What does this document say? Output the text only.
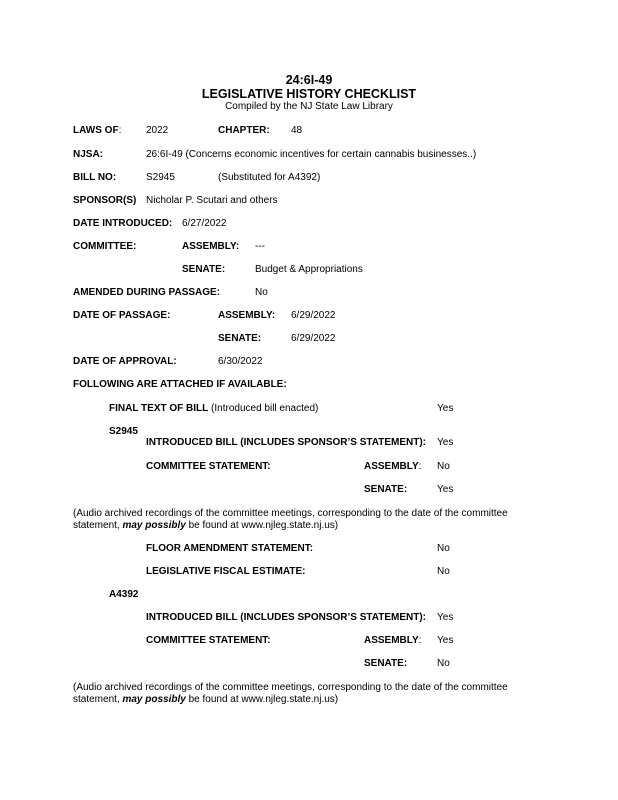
24:6I-49
LEGISLATIVE HISTORY CHECKLIST
Compiled by the NJ State Law Library
LAWS OF: 2022	CHAPTER: 48
NJSA:	26:6I-49 (Concerns economic incentives for certain cannabis businesses..)
BILL NO:	S2945	(Substituted for A4392)
SPONSOR(S) Nicholar P. Scutari and others
DATE INTRODUCED: 6/27/2022
COMMITTEE:	ASSEMBLY: ---
SENATE:	Budget & Appropriations
AMENDED DURING PASSAGE:	No
DATE OF PASSAGE:	ASSEMBLY: 6/29/2022
SENATE:	6/29/2022
DATE OF APPROVAL:	6/30/2022
FOLLOWING ARE ATTACHED IF AVAILABLE:
FINAL TEXT OF BILL (Introduced bill enacted)	Yes
S2945
INTRODUCED BILL (INCLUDES SPONSOR’S STATEMENT): Yes
COMMITTEE STATEMENT:	ASSEMBLY: No
SENATE:	Yes
(Audio archived recordings of the committee meetings, corresponding to the date of the committee statement, may possibly be found at www.njleg.state.nj.us)
FLOOR AMENDMENT STATEMENT:	No
LEGISLATIVE FISCAL ESTIMATE:	No
A4392
INTRODUCED BILL (INCLUDES SPONSOR’S STATEMENT): Yes
COMMITTEE STATEMENT:	ASSEMBLY: Yes
SENATE:	No
(Audio archived recordings of the committee meetings, corresponding to the date of the committee statement, may possibly be found at www.njleg.state.nj.us)
